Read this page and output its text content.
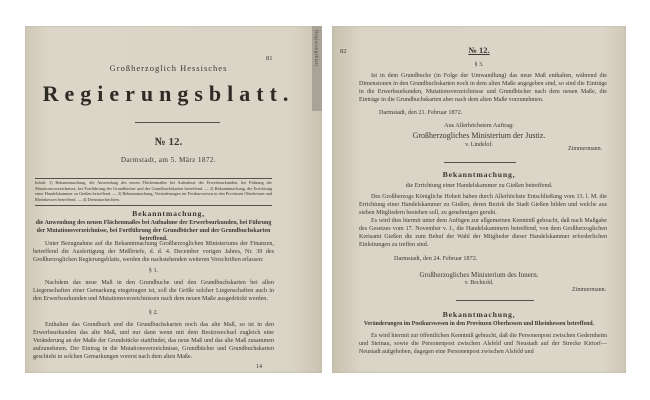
Regierungsblatt
81
Großherzoglich Hessisches
Regierungsblatt.
№ 12.
Darmstadt, am 5. März 1872.
Inhalt: 1) Bekanntmachung, die Anwendung des neuen Flächenmaßes bei Aufnahme der Erwerbsurkunden, bei Führung der Mutationsverzeichnisse, bei Fortführung der Grundbücher und der Grundbuchskarten betreffend. — 2) Bekanntmachung, die Errichtung einer Handelskammer zu Gießen betreffend. — 3) Bekanntmachung, Veränderungen im Postkurswesen in den Provinzen Oberhessen und Rheinhessen betreffend. — 4) Dienstnachrichten.
Bekanntmachung,
die Anwendung des neuen Flächenmaßes bei Aufnahme der Erwerbsurkunden, bei Führung der Mutationsverzeichnisse, bei Fortführung der Grundbücher und der Grundbuchskarten betreffend.
Unter Bezugnahme auf die Bekanntmachung Großherzoglichen Ministeriums der Finanzen, betreffend die Ausfertigung der Meßbriefe, d. d. 4. December vorigen Jahres, Nr. 39 des Großherzoglichen Regierungsblatts, werden die nachstehenden weiteren Vorschriften erlassen:
§ 1.
Nachdem das neue Maß in den Grundbuche und den Grundbuchskarten bei allen Liegenschaften einer Gemarkung eingetragen ist, soll die Größe solcher Liegenschaften auch in den Erwerbsurkunden und Mutationsverzeichnissen nach dem neuen Maße ausgedrückt werden.
§ 2.
Enthalten das Grundbuch und die Grundbuchskarten noch das alte Maß, so ist in den Erwerbsurkunden das alte Maß, und nur dann wenn mit dem Besitzwechsel zugleich eine Veränderung an der Maße der Grundstücke stattfindet, das neue Maß und das alte Maß zusammen aufzunehmen. Der Eintrag in die Mutationsverzeichnisse, Grundbücher und Grundbuchskarten geschieht in solchen Gemarkungen vorerst nach dem alten Maße.
14
82	№ 12.
§ 3.
Ist in dem Grundbuche (in Folge der Umwandlung) das neue Maß enthalten, während die Dimensionen in den Grundbuchskarten noch in dem alten Maße angegeben sind, so sind die Einträge in die Erwerbsurkunden, Mutationsverzeichnisse und Grundbücher nach dem neuen Maße, die Einträge in die Grundbuchskarten aber nach dem alten Maße vorzunehmen.
Darmstadt, den 21. Februar 1872.
Aus Allerhöchstem Auftrag:
Großherzogliches Ministerium der Justiz.
v. Lindelof.
Zimmermann.
Bekanntmachung,
die Errichtung einer Handelskammer zu Gießen betreffend.
Des Großherzogs Königliche Hoheit haben durch Allerhöchste Entschließung vom 13. l. M. die Errichtung einer Handelskammer zu Gießen, deren Bezirk die Stadt Gießen bilden und welche aus sieben Mitgliedern bestehen soll, zu genehmigen geruht.
Es wird dies hiermit unter dem Anfügen zur allgemeinen Kenntniß gebracht, daß nach Maßgabe des Gesetzes vom 17. November v. J., die Handelskammern betreffend, von dem Großherzoglichen Kreisamt Gießen die zum Behuf der Wahl der Mitglieder dieser Handelskammer erforderlichen Einleitungen zu treffen sind.
Darmstadt, den 24. Februar 1872.
Großherzogliches Ministerium des Innern.
v. Bechtold.
Zimmermann.
Bekanntmachung,
Veränderungen im Postkurswesen in den Provinzen Oberhessen und Rheinhessen betreffend.
Es wird hiermit zur öffentlichen Kenntniß gebracht, daß die Personenpost zwischen Gedernheim und Steinau, sowie die Personenpost zwischen Alsfeld und Neustadt auf der Strecke Kirtorf—Neustadt aufgehoben, dagegen eine Personenpost zwischen Alsfeld und
